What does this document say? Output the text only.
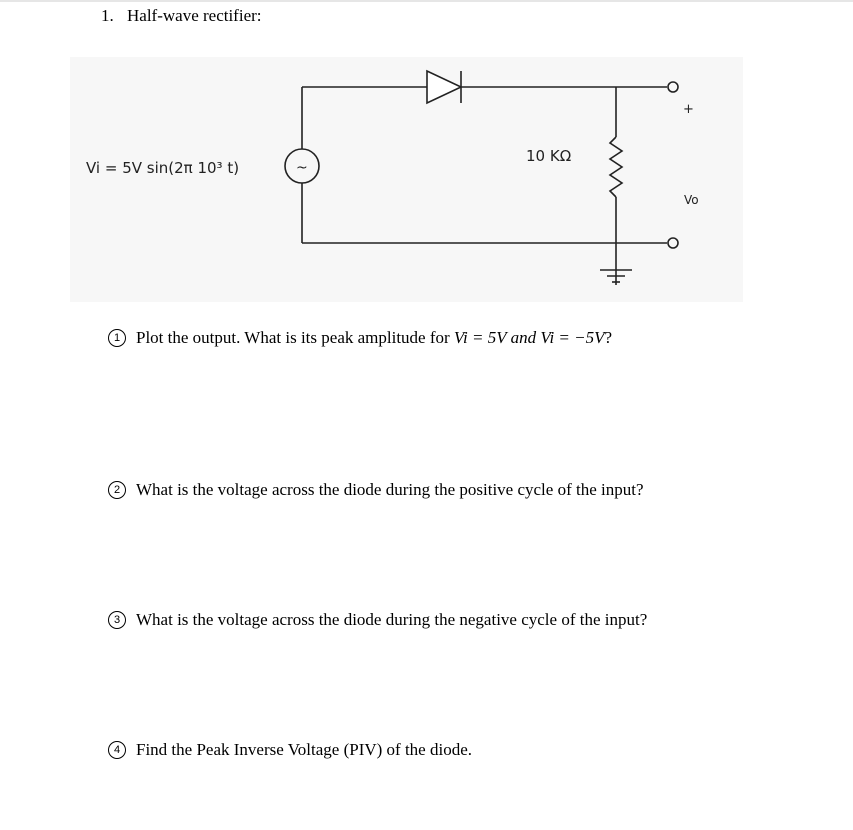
1. Half-wave rectifier:
~
Vi = 5V sin(2π 10³ t)
10 KΩ
+
Vo
1 Plot the output. What is its peak amplitude for Vi = 5V and Vi = −5V?
2 What is the voltage across the diode during the positive cycle of the input?
3 What is the voltage across the diode during the negative cycle of the input?
4 Find the Peak Inverse Voltage (PIV) of the diode.
